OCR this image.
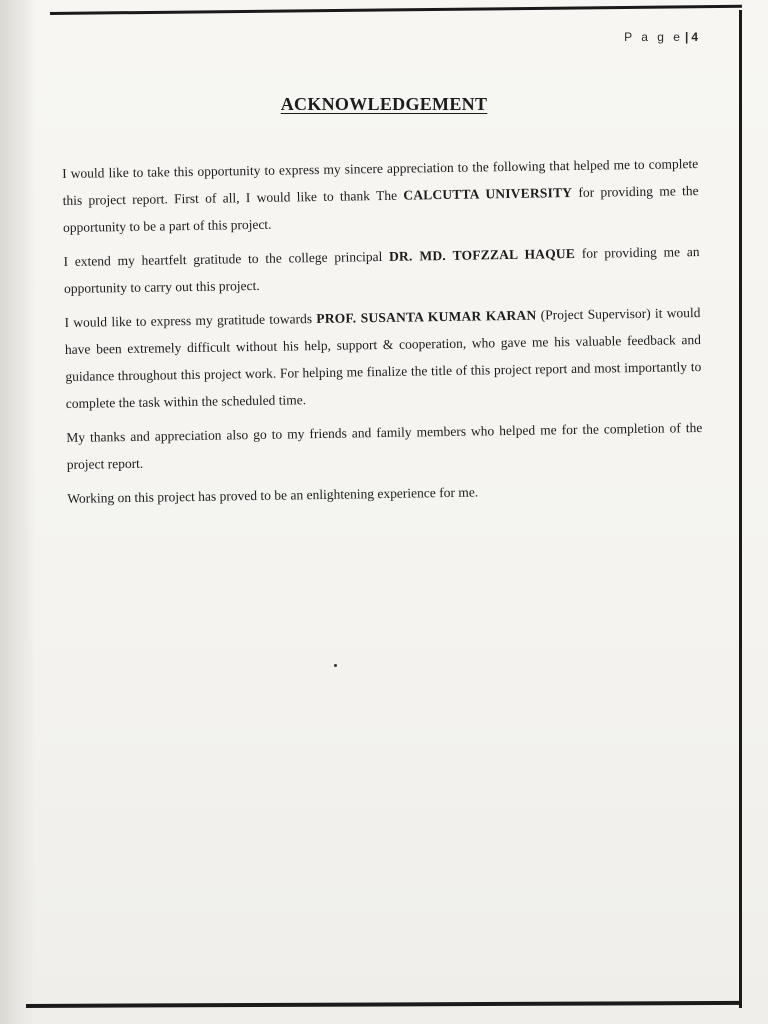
P a g e | 4
ACKNOWLEDGEMENT

I would like to take this opportunity to express my sincere appreciation to the following that helped me to complete this project report. First of all, I would like to thank The CALCUTTA UNIVERSITY for providing me the opportunity to be a part of this project.

I extend my heartfelt gratitude to the college principal DR. MD. TOFZZAL HAQUE for providing me an opportunity to carry out this project.

I would like to express my gratitude towards PROF. SUSANTA KUMAR KARAN (Project Supervisor) it would have been extremely difficult without his help, support & cooperation, who gave me his valuable feedback and guidance throughout this project work. For helping me finalize the title of this project report and most importantly to complete the task within the scheduled time.

My thanks and appreciation also go to my friends and family members who helped me for the completion of the project report.

Working on this project has proved to be an enlightening experience for me.
